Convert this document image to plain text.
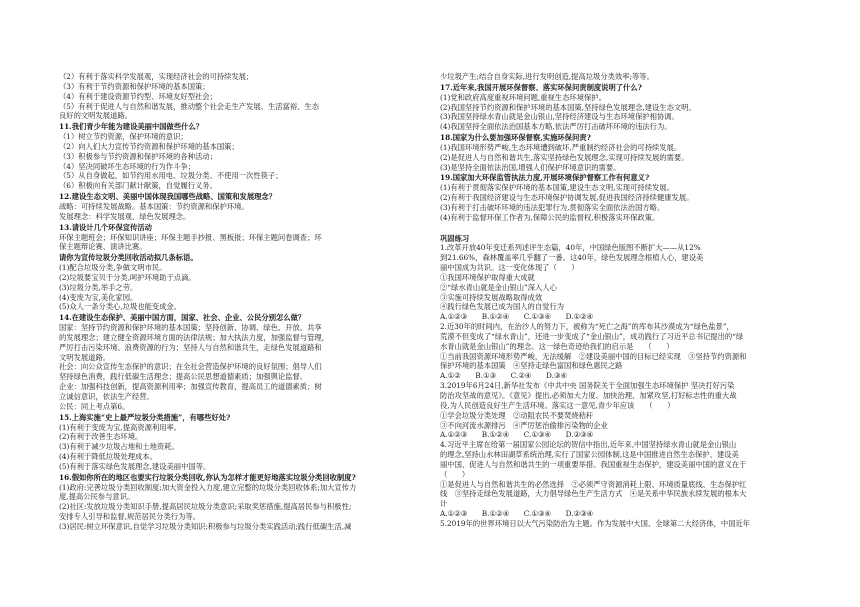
（2）有利于落实科学发展观，实现经济社会的可持续发展；
（3）有利于节约资源和保护环境的基本国策；
（4）有利于建设资源节约型、环境友好型社会；
（5）有利于促进人与自然和谐发展，推动整个社会走生产发展、生活富裕、生态
良好的文明发展道路。
11.我们青少年能为建设美丽中国做些什么？
（1）树立节约资源，保护环境的意识；
（2）向人们大力宣传节约资源和保护环境的基本国策；
（3）积极参与节约资源和保护环境的各种活动；
（4）坚决同破坏生态环境的行为作斗争；
（5）从自身做起，如节约用水用电、垃圾分类、不使用一次性筷子；
（6）积极向有关部门献计献策，自觉履行义务。
12.建设生态文明、美丽中国体现我国哪些战略、国策和发展理念？
战略：可持续发展战略。基本国策：节约资源和保护环境。
发展理念：科学发展观、绿色发展理念。
13.请设计几个环保宣传活动
环保主题班会；环保知识讲座；环保主题手抄报、黑板报；环保主题问卷调查；环
保主题辩论赛、演讲比赛。
请你为宣传垃圾分类回收活动拟几条标语。
(1)配合垃圾分类,争做文明市民。
(2)垃圾要宝贝于分类,呵护环境助于点滴。
(3)垃圾分类,举手之劳。
(4)变废为宝,美化家园。
(5)众人一条分类心,垃圾也能变成金。
14.在建设生态保护、美丽中国方面，国家、社会、企业、公民分别怎么做？
国家：坚持节约资源和保护环境的基本国策；坚持创新、协调、绿色、开放、共享
的发展理念；建立健全资源环境方面的法律法规；加大执法力度，加强监督与管理，
严厉打击污染环境、浪费资源的行为；坚持人与自然和谐共生，走绿色发展道路和
文明发展道路。
社会：向公众宣传生态保护的意识；在全社会营造保护环境的良好氛围；倡导人们
坚持绿色消费，践行低碳生活理念；提高公民思想道德素质；加强舆论监督。
企业：加强科技创新，提高资源利用率；加强宣传教育，提高员工的道德素质；树
立诚信意识，依法生产经营。
公民：同上考点第6。
15.上海实施“史上最严垃圾分类措施”，有哪些好处?
(1)有利于变废为宝,提高资源利用率。
(2)有利于改善生态环境。
(3)有利于减少垃圾占地和土地资耗。
(4)有利于降低垃圾处理成本。
(5)有利于落实绿色发展理念,建设美丽中国等。
16.假如你所在的地区也要实行垃圾分类回收,你认为怎样才能更好地落实垃圾分类回收制度?
(1)政府:完善垃圾分类回收制度;加大资金投入力度,建立完整的垃圾分类回收体系;加大宣传力
度,提高公民参与意识。
(2)社区:发放垃圾分类知识手册,提高居民垃圾分类意识;采取奖惩措施,提高居民参与积极性;
安排专人引导和监督,规范居民分类行为等。
(3)居民:树立环保意识,自觉学习垃圾分类知识;积极参与垃圾分类实践活动;践行低碳生活,减
少垃圾产生;结合自身实际,进行发明创造,提高垃圾分类效率;等等。
17.近年来,我国开展环保督察、落实环保问责制度说明了什么?
(1)党和政府高度重视环境问题,重视生态环境保护。
(2)我国坚持节约资源和保护环境的基本国策,坚持绿色发展理念,建设生态文明。
(3)我国坚持绿水青山就是金山银山,坚持经济建设与生态环境保护相协调。
(4)我国坚持全面依法治国基本方略,依法严厉打击破坏环境的违法行为。
18.国家为什么要加强环保督察,实施环保问责?
(1)我国环境形势严峻,生态环境遭到破坏,严重制约经济社会的可持续发展。
(2)是促进人与自然和谐共生,落实坚持绿色发展理念,实现可持续发展的需要。
(3)是坚持全面依法治国,增强人们保护环境意识的需要。
19.国家加大环保监管执法力度,开展环境保护督察工作有何意义?
(1)有利于贯彻落实保护环境的基本国策,建设生态文明,实现可持续发展。
(2)有利于我国经济建设与生态环境保护协调发展,促进我国经济持续健康发展。
(3)有利于打击破坏环境的违法犯罪行为,贯彻落实全面依法治国方略。
(4)有利于监督环保工作者为,保障公民的监督权,积极落实环保政策。

巩固练习
1.改革开放40年变迁系列述评生态篇，40年，中国绿色版图不断扩大——从12%
到21.66%，森林覆盖率几乎翻了一番。这40年，绿色发展理念根植人心，建设美
丽中国成为共识。这一变化体现了（　　）
①我国环境保护取得重大成就
②“绿水青山就是金山银山”深入人心
③实施可持续发展战略取得成效
④践行绿色发展已成为国人的自觉行为
A.①②③　　B.①②④　　C.①③④　　D.①②④
2.近30年的时间内，在治沙人的努力下，被称为“死亡之海”的库布其沙漠成为“绿色盐景”，
荒漠不但变成了“绿水青山”，还进一步变成了“金山银山”，成功践行了习近平总书记提出的“绿
水青山就是金山银山”的理念。这一绿色奇迹给我们的启示是　　（　　）
①当前我国资源环境形势严峻，无法缓解　②建设美丽中国的目标已经实现　③坚持节约资源和
保护环境的基本国策　④坚持走绿色富国和绿色惠民之路
A.①②　　B.①③　　C.②④　　D.③④
3.2019年6月24日,新华社发布《中共中央 国务院关于全面加强生态环境保护 坚决打好污染
防治攻坚战的意见》。《意见》提出,必须加大力度、加快治理、加紧攻坚,打好标志性的重大战
役,为人民创造良好生产生活环境。落实这一意见,青少年应该　　（　　）
①学会垃圾分类处理　②动阻农民不要焚烧秸秆
③不向河流水源排污　④严厉惩治偷排污染物的企业
A.①②③　　B.①②④　　C.①③④　　D.②③④
4.习近平主席在给第一届国家公园论坛的贺信中指出,近年来,中国坚持绿水青山就是金山银山
的理念,坚持山水林田湖草系统治理,实行了国家公园体制,这是中国推进自然生态保护、建设美
丽中国、促进人与自然和谐共生的一项重要举措。我国重视生态保护，建设美丽中国的意义在于
（　　）
①是促进人与自然和谐共生的必然选择　②必须严守资源消耗上限、环境质量底线、生态保护红
线　③坚持走绿色发展道路，大力倡导绿色生产生活方式　④是关系中华民族永续发展的根本大
计
A.①②③　　B.①②④　　C.①③④　　D.②③④
5.2019年的世界环境日以大气污染防治为主题。作为发展中大国、全球第二大经济体，中国近年
